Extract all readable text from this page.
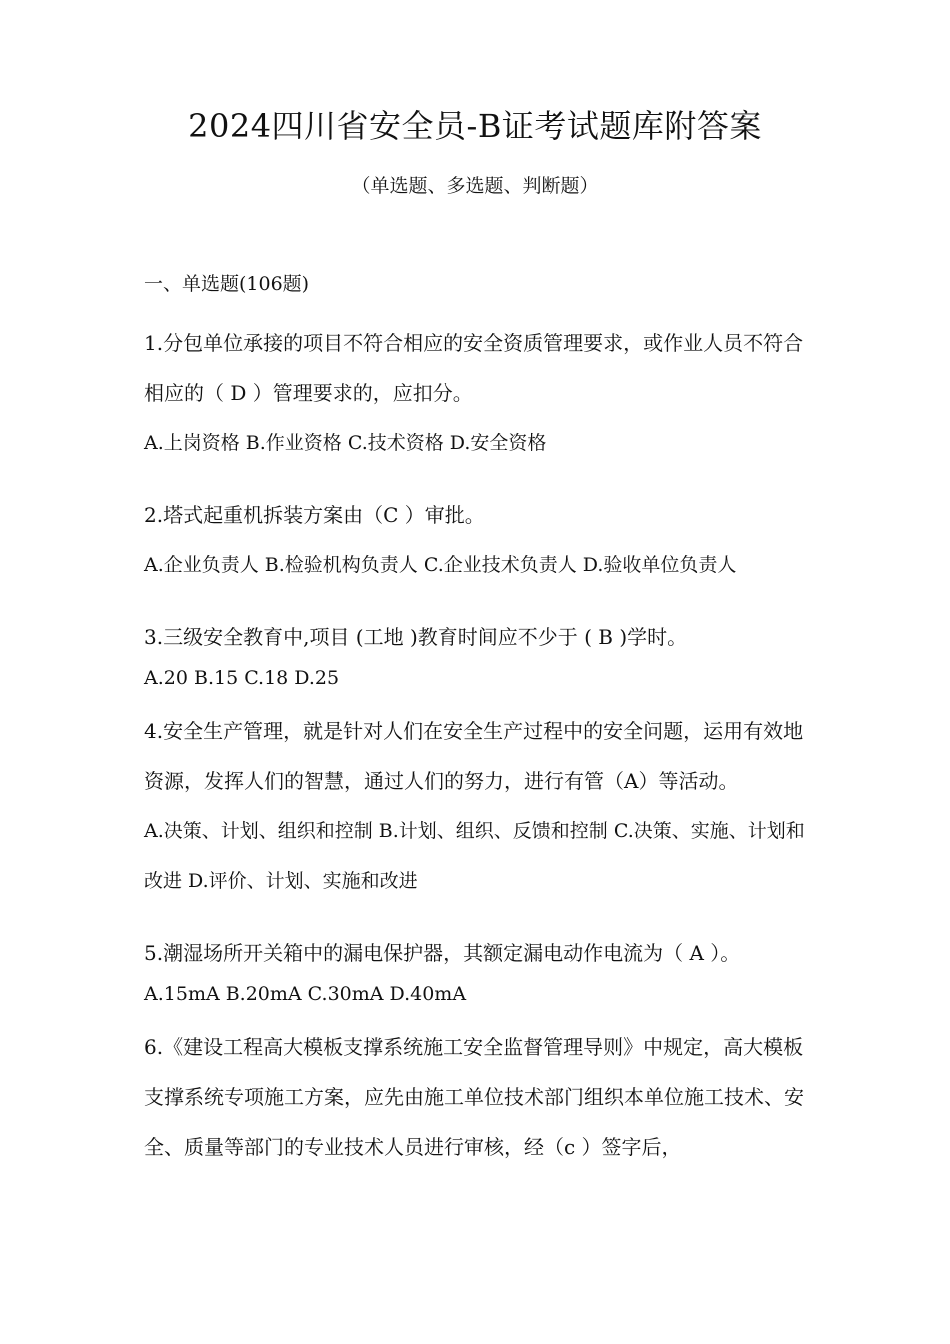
2024四川省安全员-B证考试题库附答案

（单选题、多选题、判断题）

一、单选题(106题)

1.分包单位承接的项目不符合相应的安全资质管理要求，或作业人员不符合相应的（ D ）管理要求的，应扣分。

A.上岗资格 B.作业资格 C.技术资格 D.安全资格

2.塔式起重机拆装方案由（C ）审批。

A.企业负责人 B.检验机构负责人 C.企业技术负责人 D.验收单位负责人

3.三级安全教育中,项目 (工地 )教育时间应不少于 ( B )学时。

A.20 B.15 C.18 D.25

4.安全生产管理，就是针对人们在安全生产过程中的安全问题，运用有效地资源，发挥人们的智慧，通过人们的努力，进行有管（A）等活动。

A.决策、计划、组织和控制 B.计划、组织、反馈和控制 C.决策、实施、计划和改进 D.评价、计划、实施和改进

5.潮湿场所开关箱中的漏电保护器，其额定漏电动作电流为（ A ）。

A.15mA B.20mA C.30mA D.40mA

6.《建设工程高大模板支撑系统施工安全监督管理导则》中规定，高大模板支撑系统专项施工方案，应先由施工单位技术部门组织本单位施工技术、安全、质量等部门的专业技术人员进行审核，经（c ）签字后，
